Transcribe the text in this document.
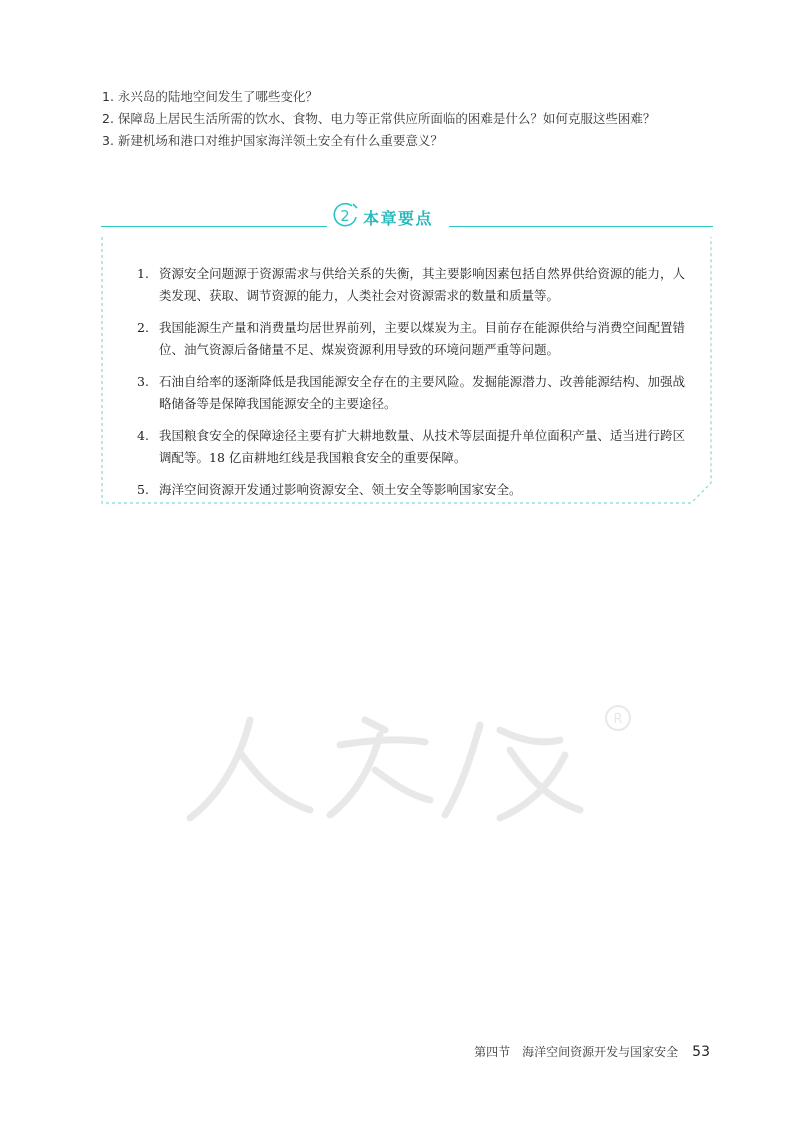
1. 永兴岛的陆地空间发生了哪些变化？
2. 保障岛上居民生活所需的饮水、食物、电力等正常供应所面临的困难是什么？如何克服这些困难？
3. 新建机场和港口对维护国家海洋领土安全有什么重要意义？
2 本章要点
1. 资源安全问题源于资源需求与供给关系的失衡，其主要影响因素包括自然界供给资源的能力，人类发现、获取、调节资源的能力，人类社会对资源需求的数量和质量等。
2. 我国能源生产量和消费量均居世界前列，主要以煤炭为主。目前存在能源供给与消费空间配置错位、油气资源后备储量不足、煤炭资源利用导致的环境问题严重等问题。
3. 石油自给率的逐渐降低是我国能源安全存在的主要风险。发掘能源潜力、改善能源结构、加强战略储备等是保障我国能源安全的主要途径。
4. 我国粮食安全的保障途径主要有扩大耕地数量、从技术等层面提升单位面积产量、适当进行跨区调配等。18 亿亩耕地红线是我国粮食安全的重要保障。
5. 海洋空间资源开发通过影响资源安全、领土安全等影响国家安全。
R
第四节　海洋空间资源开发与国家安全 53
